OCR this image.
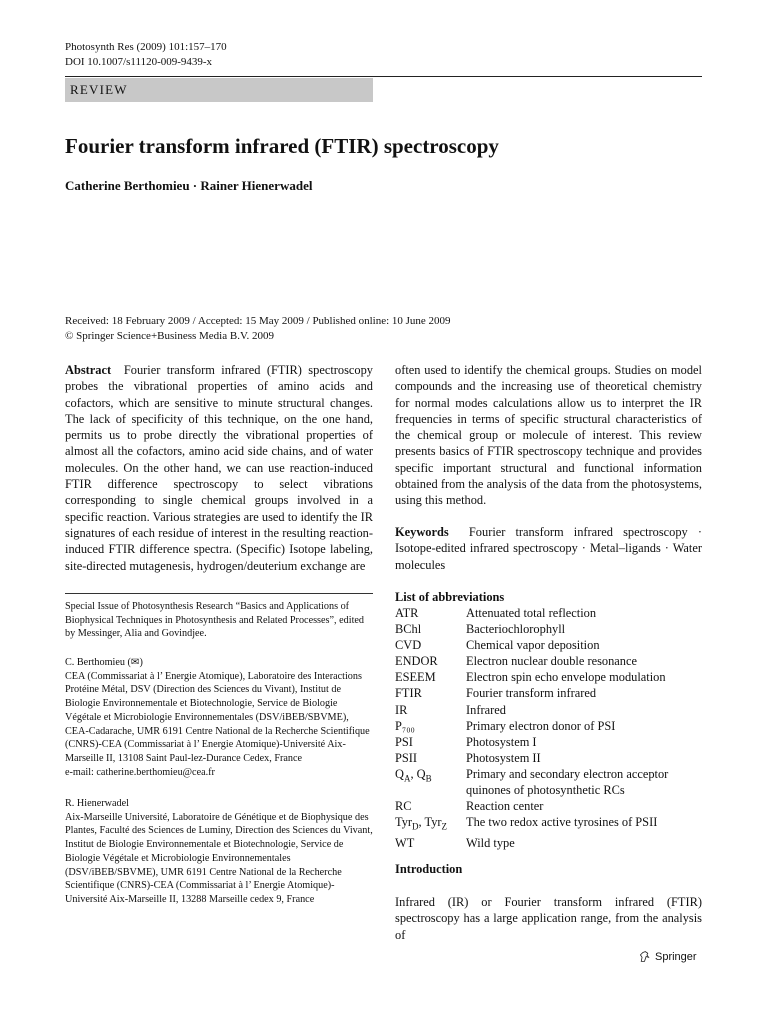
Photosynth Res (2009) 101:157–170
DOI 10.1007/s11120-009-9439-x
REVIEW
Fourier transform infrared (FTIR) spectroscopy
Catherine Berthomieu · Rainer Hienerwadel
Received: 18 February 2009 / Accepted: 15 May 2009 / Published online: 10 June 2009
© Springer Science+Business Media B.V. 2009
Abstract Fourier transform infrared (FTIR) spectroscopy probes the vibrational properties of amino acids and cofactors, which are sensitive to minute structural changes. The lack of specificity of this technique, on the one hand, permits us to probe directly the vibrational properties of almost all the cofactors, amino acid side chains, and of water molecules. On the other hand, we can use reaction-induced FTIR difference spectroscopy to select vibrations corresponding to single chemical groups involved in a specific reaction. Various strategies are used to identify the IR signatures of each residue of interest in the resulting reaction-induced FTIR difference spectra. (Specific) Isotope labeling, site-directed mutagenesis, hydrogen/deuterium exchange are
Special Issue of Photosynthesis Research “Basics and Applications of Biophysical Techniques in Photosynthesis and Related Processes”, edited by Messinger, Alia and Govindjee.
C. Berthomieu (✉)
CEA (Commissariat à l’ Energie Atomique), Laboratoire des Interactions Protéine Métal, DSV (Direction des Sciences du Vivant), Institut de Biologie Environnementale et Biotechnologie, Service de Biologie Végétale et Microbiologie Environnementales (DSV/iBEB/SBVME), CEA-Cadarache, UMR 6191 Centre National de la Recherche Scientifique (CNRS)-CEA (Commissariat à l’ Energie Atomique)-Université Aix-Marseille II, 13108 Saint Paul-lez-Durance Cedex, France
e-mail: catherine.berthomieu@cea.fr
R. Hienerwadel
Aix-Marseille Université, Laboratoire de Génétique et de Biophysique des Plantes, Faculté des Sciences de Luminy, Direction des Sciences du Vivant, Institut de Biologie Environnementale et Biotechnologie, Service de Biologie Végétale et Microbiologie Environnementales (DSV/iBEB/SBVME), UMR 6191 Centre National de la Recherche Scientifique (CNRS)-CEA (Commissariat à l’ Energie Atomique)-Université Aix-Marseille II, 13288 Marseille cedex 9, France
often used to identify the chemical groups. Studies on model compounds and the increasing use of theoretical chemistry for normal modes calculations allow us to interpret the IR frequencies in terms of specific structural characteristics of the chemical group or molecule of interest. This review presents basics of FTIR spectroscopy technique and provides specific important structural and functional information obtained from the analysis of the data from the photosystems, using this method.
Keywords Fourier transform infrared spectroscopy · Isotope-edited infrared spectroscopy · Metal–ligands · Water molecules
List of abbreviations
ATR	Attenuated total reflection
BChl	Bacteriochlorophyll
CVD	Chemical vapor deposition
ENDOR	Electron nuclear double resonance
ESEEM	Electron spin echo envelope modulation
FTIR	Fourier transform infrared
IR	Infrared
P₇₀₀	Primary electron donor of PSI
PSI	Photosystem I
PSII	Photosystem II
$Q_A$, $Q_B$	Primary and secondary electron acceptor quinones of photosynthetic RCs
RC	Reaction center
Tyr$_D$, Tyr$_Z$	The two redox active tyrosines of PSII
WT	Wild type
Introduction
Infrared (IR) or Fourier transform infrared (FTIR) spectroscopy has a large application range, from the analysis of
Springer
